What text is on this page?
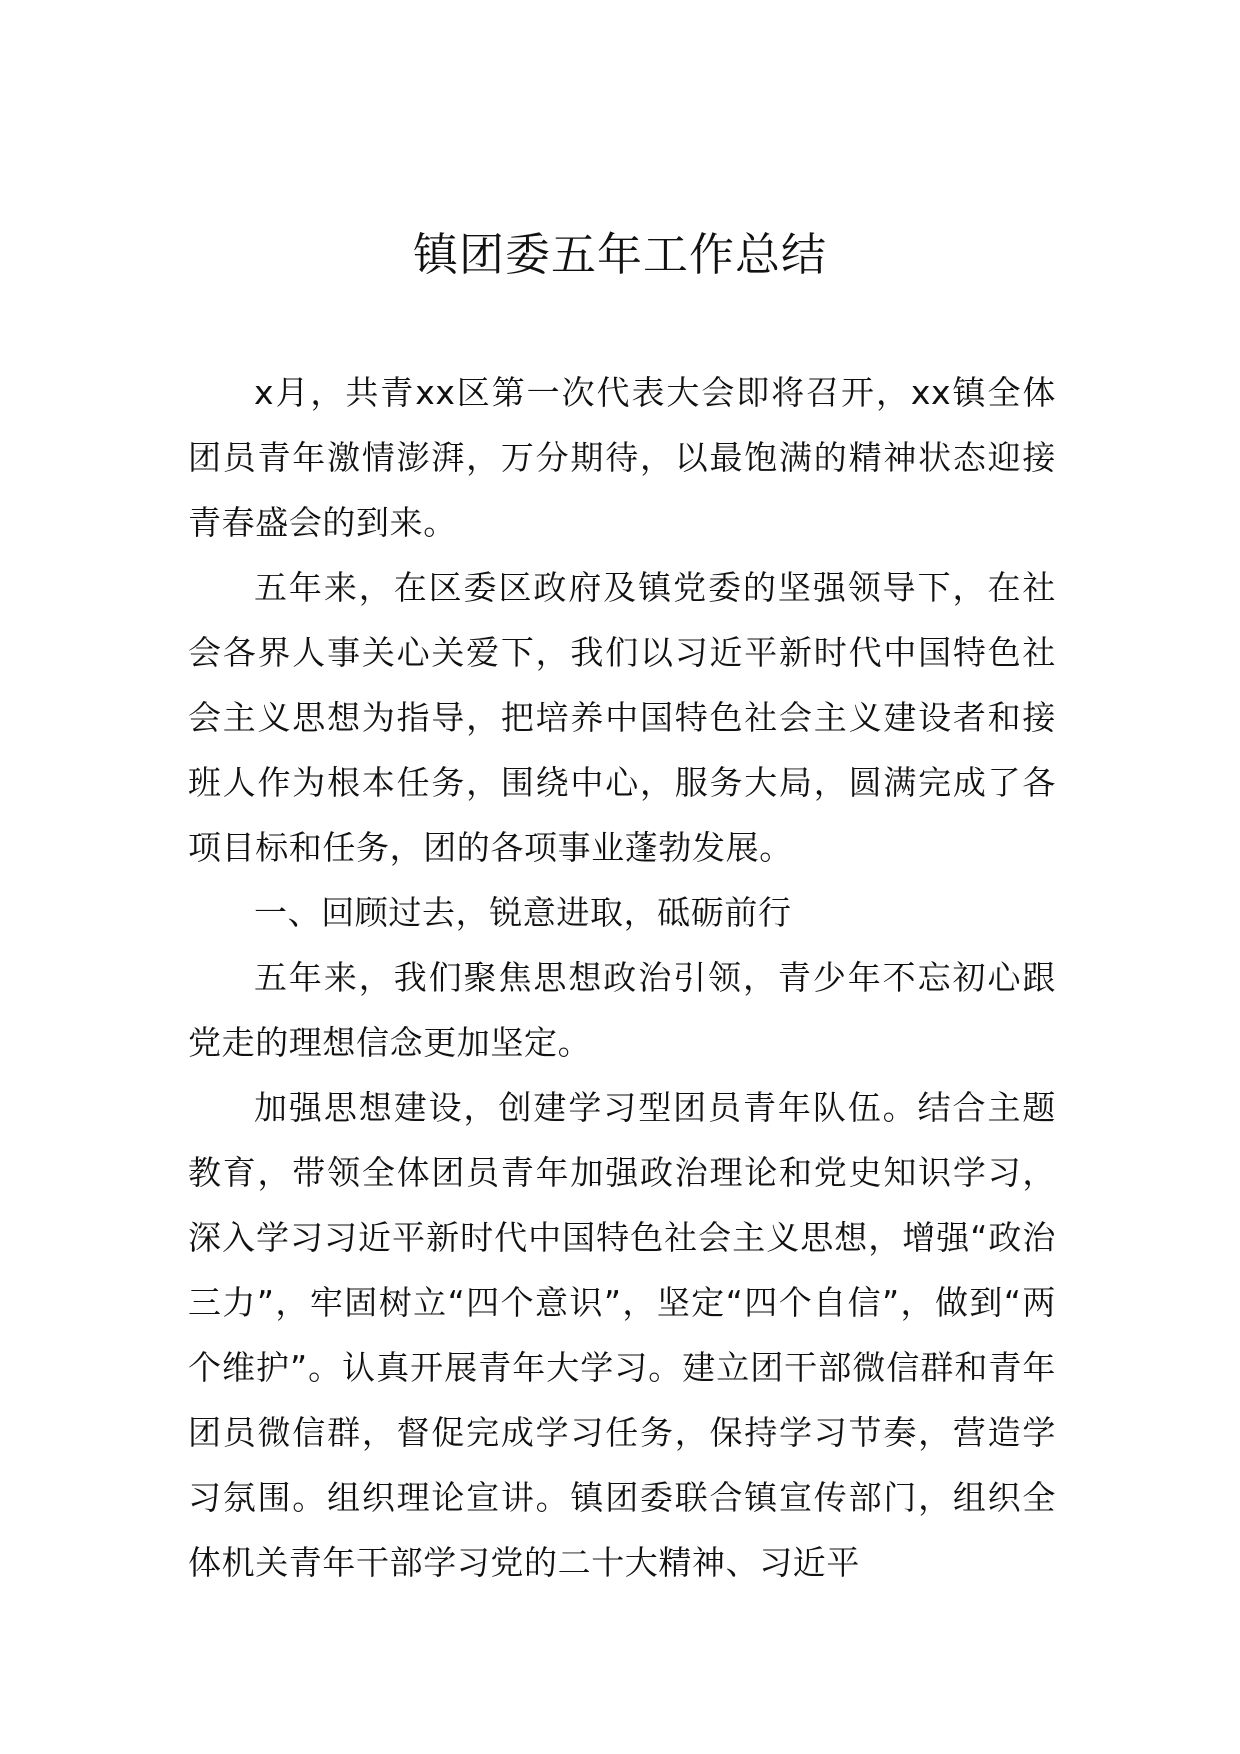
镇团委五年工作总结

x月，共青xx区第一次代表大会即将召开，xx镇全体团员青年激情澎湃，万分期待，以最饱满的精神状态迎接青春盛会的到来。

五年来，在区委区政府及镇党委的坚强领导下，在社会各界人事关心关爱下，我们以习近平新时代中国特色社会主义思想为指导，把培养中国特色社会主义建设者和接班人作为根本任务，围绕中心，服务大局，圆满完成了各项目标和任务，团的各项事业蓬勃发展。

一、回顾过去，锐意进取，砥砺前行

五年来，我们聚焦思想政治引领，青少年不忘初心跟党走的理想信念更加坚定。

加强思想建设，创建学习型团员青年队伍。结合主题教育，带领全体团员青年加强政治理论和党史知识学习，深入学习习近平新时代中国特色社会主义思想，增强“政治三力”，牢固树立“四个意识”，坚定“四个自信”，做到“两个维护”。认真开展青年大学习。建立团干部微信群和青年团员微信群，督促完成学习任务，保持学习节奏，营造学习氛围。组织理论宣讲。镇团委联合镇宣传部门，组织全体机关青年干部学习党的二十大精神、习近平
